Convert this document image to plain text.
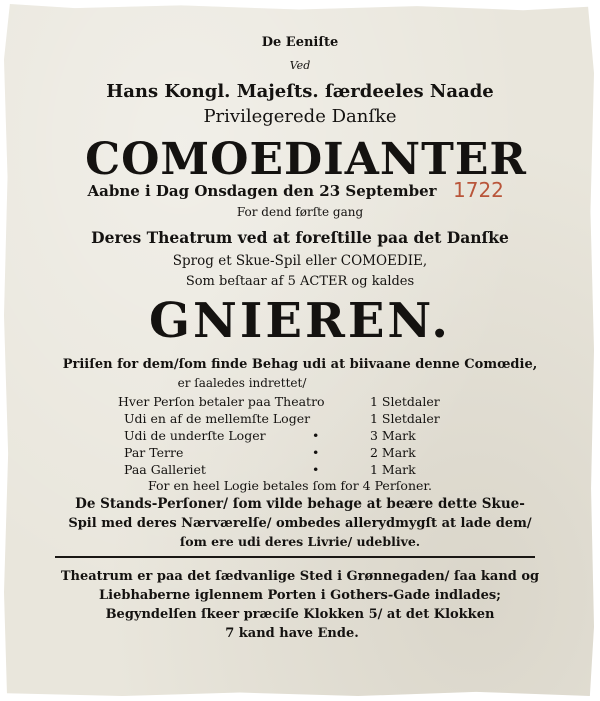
De Eeniſte
Ved
Hans Kongl. Majeſts. ſærdeeles Naade
Privilegerede Danſke
COMOEDIANTER
Aabne i Dag Onsdagen den 23 September 1722
For dend førſte gang
Deres Theatrum ved at foreſtille paa det Danſke
Sprog et Skue-Spil eller COMOEDIE,
Som beſtaar af 5 ACTER og kaldes
GNIEREN.
Priiſen for dem/ſom finde Behag udi at biivaane denne Comœdie,
er ſaaledes indrettet/
Hver Perſon betaler paa Theatro	1 Sletdaler
Udi en af de mellemſte Loger	1 Sletdaler
Udi de underſte Loger	•	3 Mark
Par Terre	•	2 Mark
Paa Galleriet	•	1 Mark
For en heel Logie betales ſom for 4 Perſoner.
De Stands-Perſoner/ ſom vilde behage at beære dette Skue-
Spil med deres Nærværelſe/ ombedes allerydmygſt at lade dem/
ſom ere udi deres Livrie/ udeblive.
Theatrum er paa det ſædvanlige Sted i Grønnegaden/ ſaa kand og
Liebhaberne iglennem Porten i Gothers-Gade indlades;
Begyndelſen ſkeer præciſe Klokken 5/ at det Klokken
7 kand have Ende.
